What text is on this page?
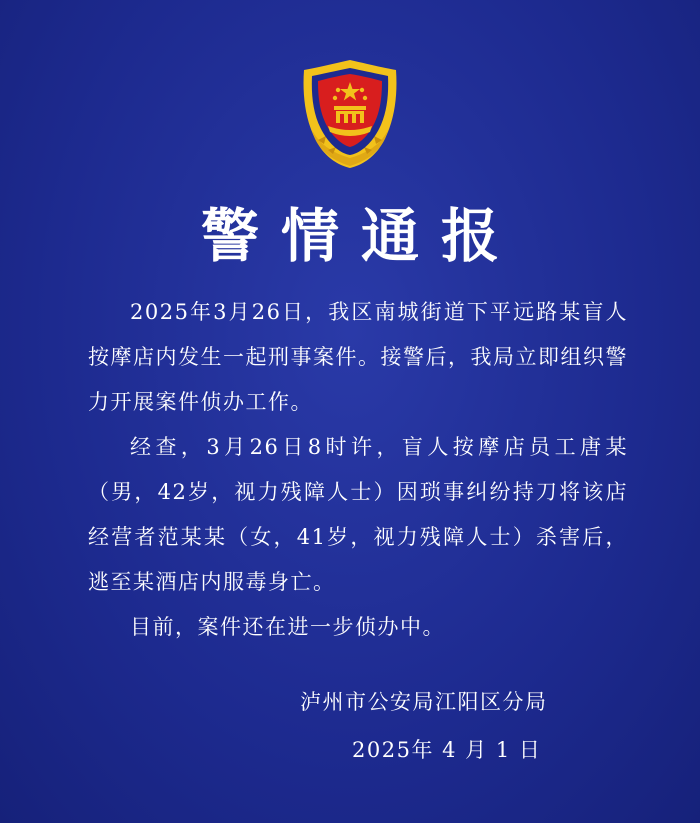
警情通报

2025年3月26日，我区南城街道下平远路某盲人按摩店内发生一起刑事案件。接警后，我局立即组织警力开展案件侦办工作。

经查，3月26日8时许，盲人按摩店员工唐某（男，42岁，视力残障人士）因琐事纠纷持刀将该店经营者范某某（女，41岁，视力残障人士）杀害后，逃至某酒店内服毒身亡。

目前，案件还在进一步侦办中。

泸州市公安局江阳区分局
2025年 4 月 1 日
